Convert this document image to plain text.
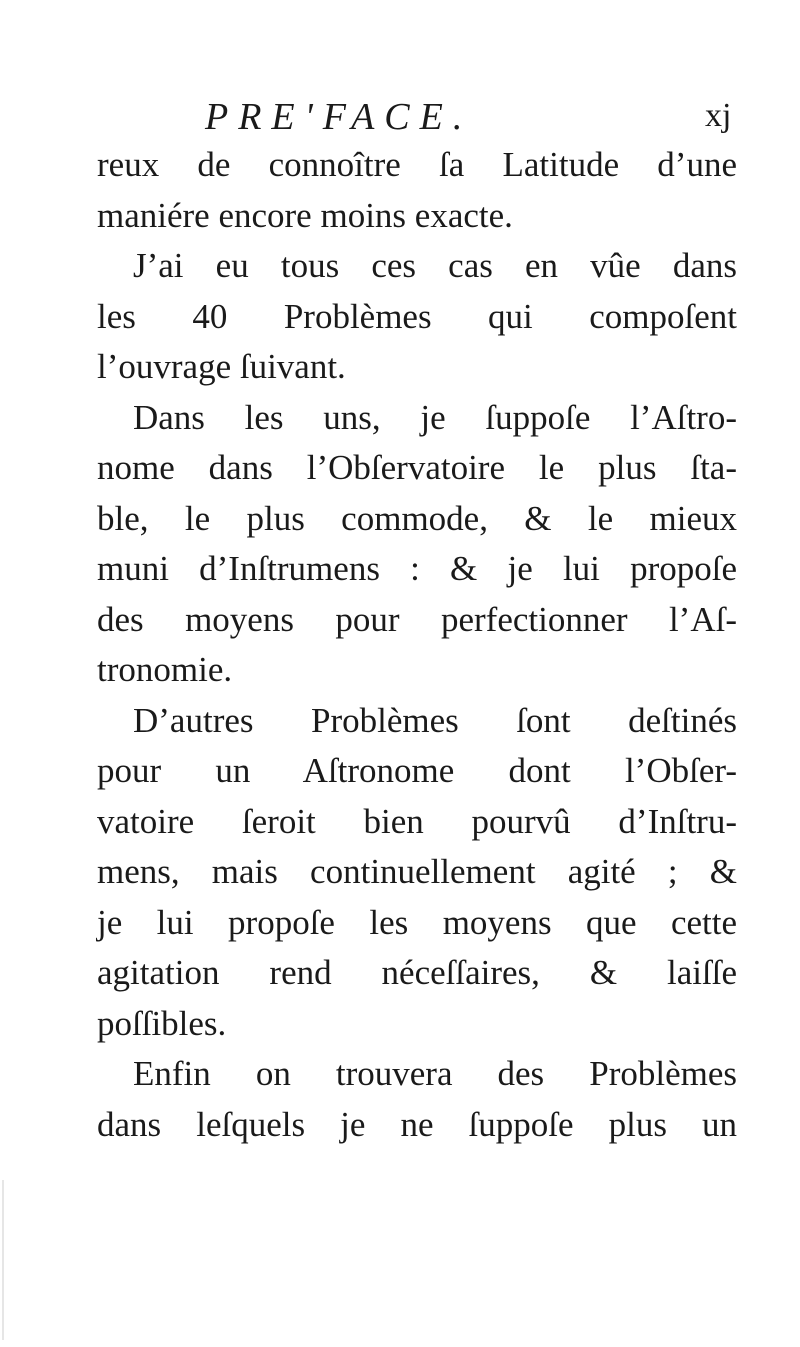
PRE'FACE.	xj
reux de connoître ſa Latitude d’une
maniére encore moins exacte.
J’ai eu tous ces cas en vûe dans
les 40 Problèmes qui compoſent
l’ouvrage ſuivant.
Dans les uns, je ſuppoſe l’Aſtro-
nome dans l’Obſervatoire le plus ſta-
ble, le plus commode, & le mieux
muni d’Inſtrumens : & je lui propoſe
des moyens pour perfectionner l’Aſ-
tronomie.
D’autres Problèmes ſont deſtinés
pour un Aſtronome dont l’Obſer-
vatoire ſeroit bien pourvû d’Inſtru-
mens, mais continuellement agité ; &
je lui propoſe les moyens que cette
agitation rend néceſſaires, & laiſſe
poſſibles.
Enfin on trouvera des Problèmes
dans leſquels je ne ſuppoſe plus un
